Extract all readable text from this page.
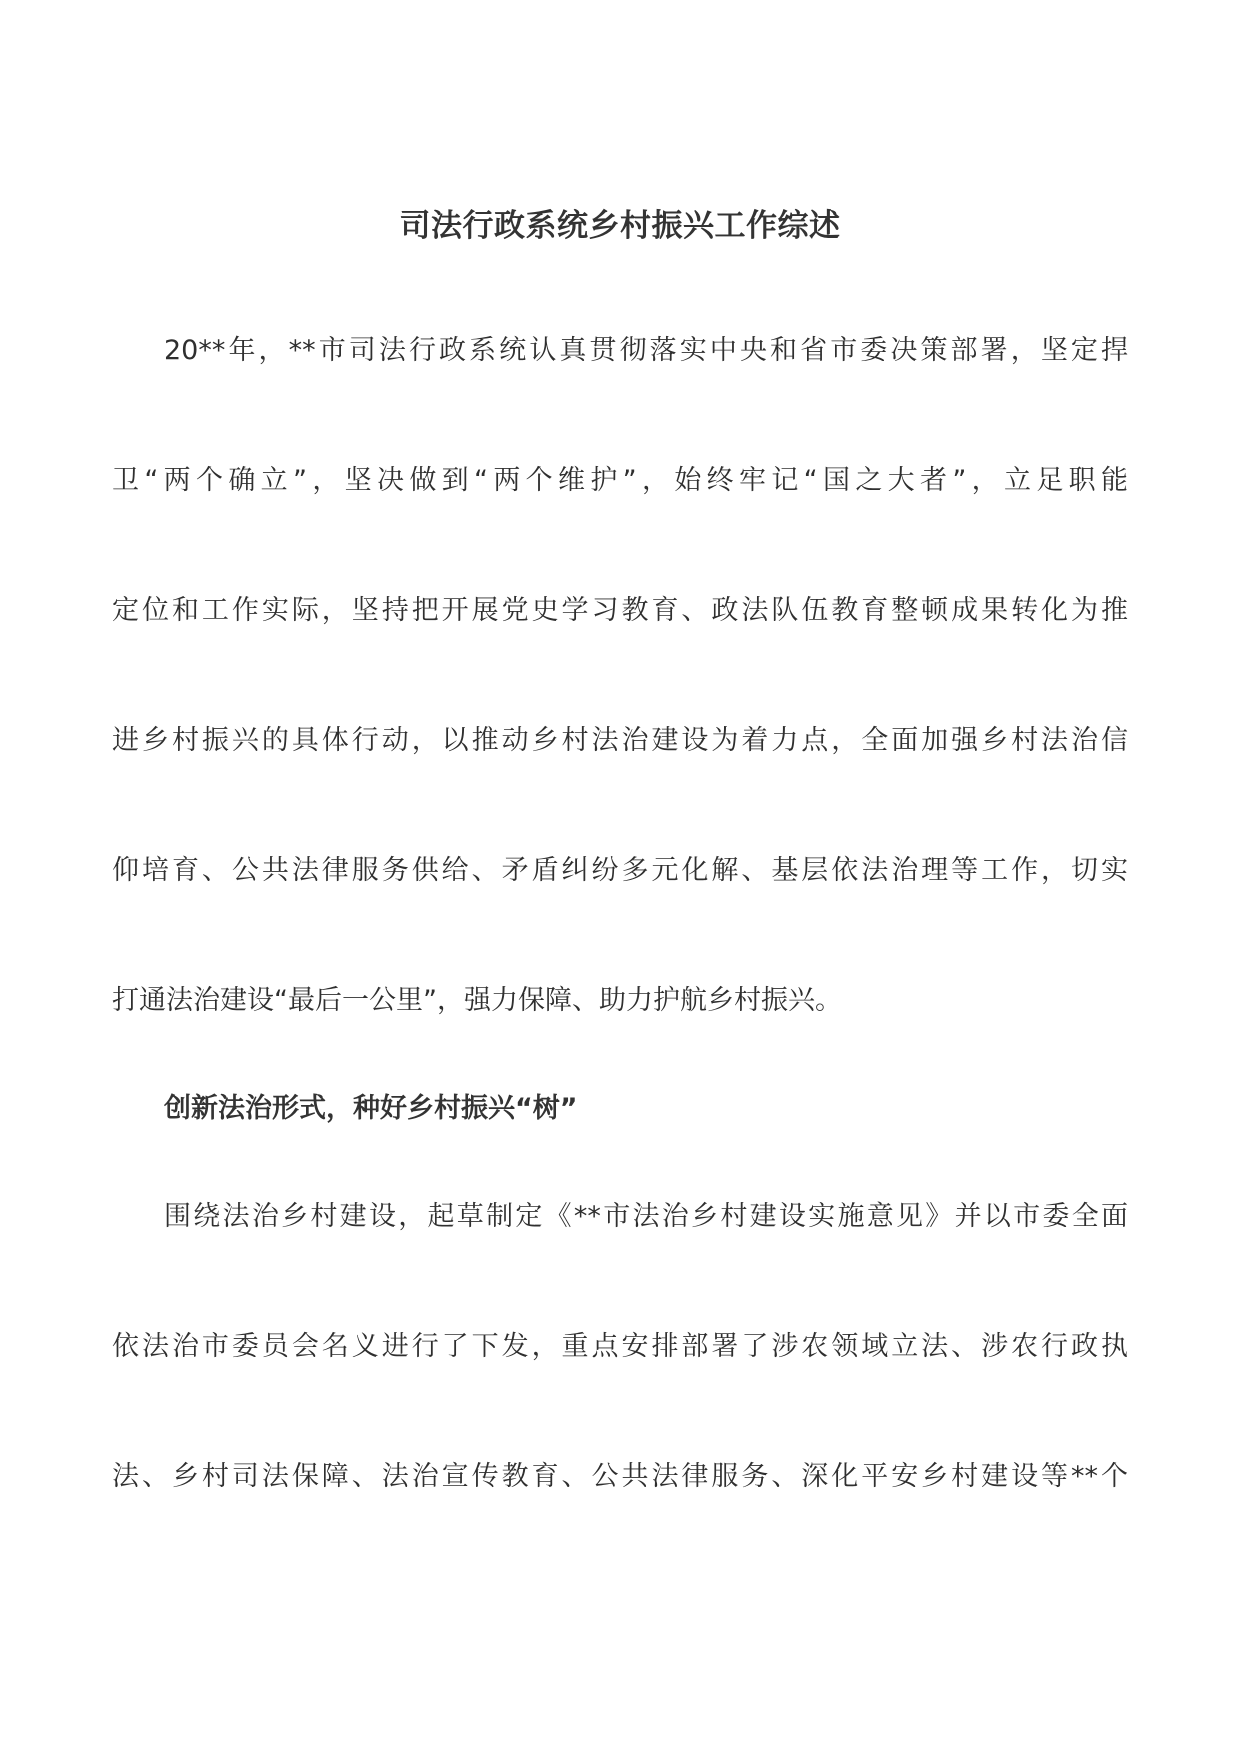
司法行政系统乡村振兴工作综述
20**年，**市司法行政系统认真贯彻落实中央和省市委决策部署，坚定捍
卫“两个确立”，坚决做到“两个维护”，始终牢记“国之大者”，立足职能
定位和工作实际，坚持把开展党史学习教育、政法队伍教育整顿成果转化为推
进乡村振兴的具体行动，以推动乡村法治建设为着力点，全面加强乡村法治信
仰培育、公共法律服务供给、矛盾纠纷多元化解、基层依法治理等工作，切实
打通法治建设“最后一公里”，强力保障、助力护航乡村振兴。
创新法治形式，种好乡村振兴“树”
围绕法治乡村建设，起草制定《**市法治乡村建设实施意见》并以市委全面
依法治市委员会名义进行了下发，重点安排部署了涉农领域立法、涉农行政执
法、乡村司法保障、法治宣传教育、公共法律服务、深化平安乡村建设等**个
